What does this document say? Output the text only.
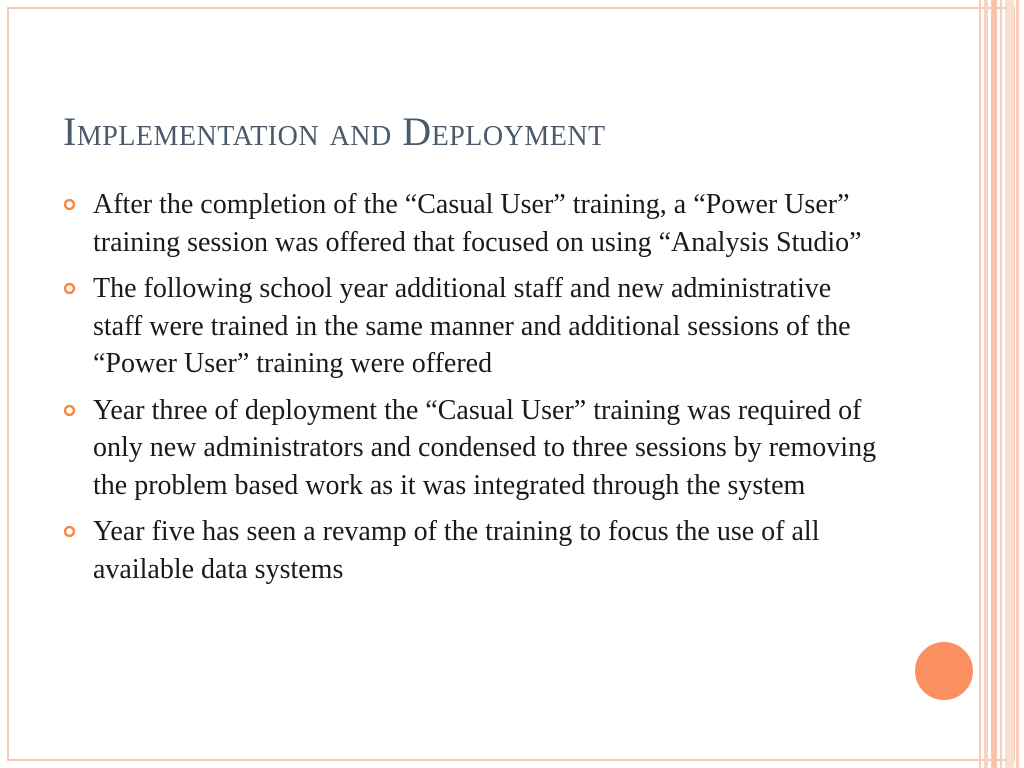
Implementation and Deployment
After the completion of the “Casual User” training, a “Power User” training session was offered that focused on using “Analysis Studio”
The following school year additional staff and new administrative staff were trained in the same manner and additional sessions of the “Power User” training were offered
Year three of deployment the “Casual User” training was required of only new administrators and condensed to three sessions by removing the problem based work as it was integrated through the system
Year five has seen a revamp of the training to focus the use of all available data systems
